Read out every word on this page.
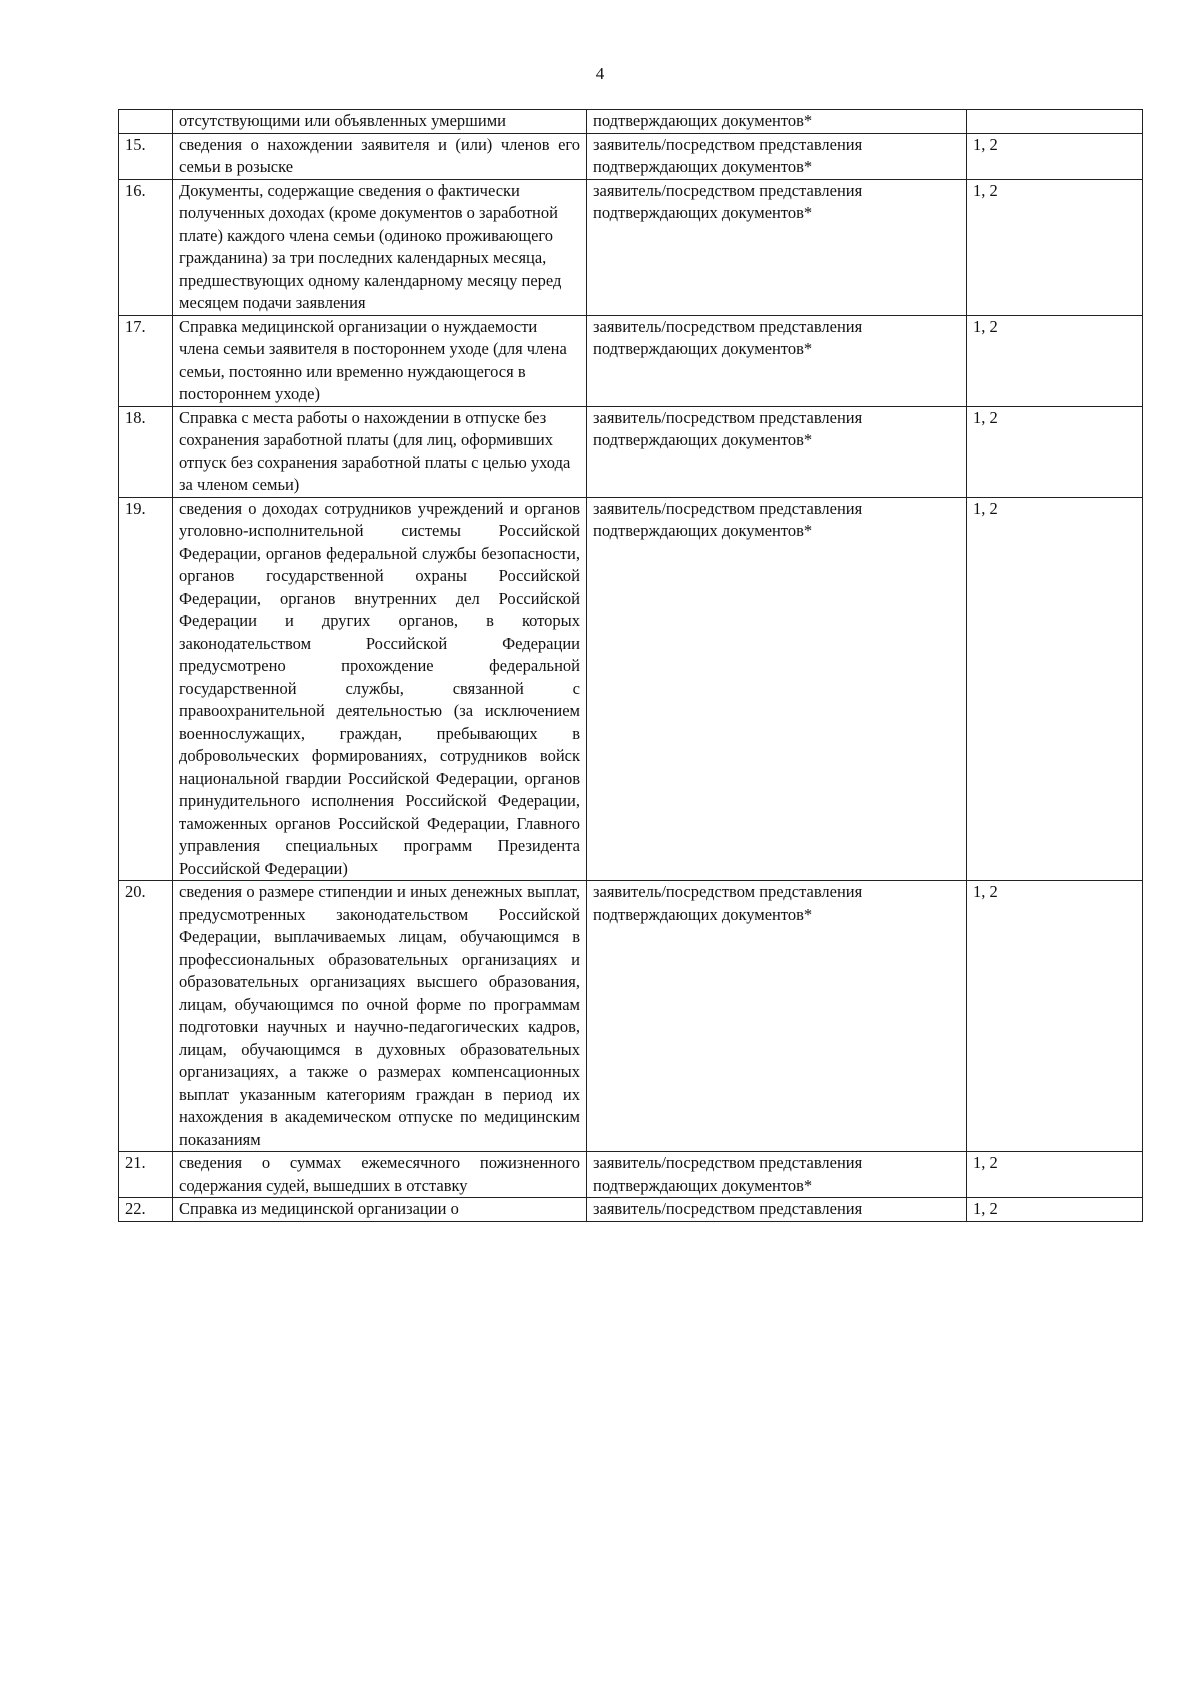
4
	отсутствующими или объявленных умершими	подтверждающих документов*	
15.	сведения о нахождении заявителя и (или) членов его семьи в розыске	заявитель/посредством представления подтверждающих документов*	1, 2
16.	Документы, содержащие сведения о фактически полученных доходах (кроме документов о заработной плате) каждого члена семьи (одиноко проживающего гражданина) за три последних календарных месяца, предшествующих одному календарному месяцу перед месяцем подачи заявления	заявитель/посредством представления подтверждающих документов*	1, 2
17.	Справка медицинской организации о нуждаемости члена семьи заявителя в постороннем уходе (для члена семьи, постоянно или временно нуждающегося в постороннем уходе)	заявитель/посредством представления подтверждающих документов*	1, 2
18.	Справка с места работы о нахождении в отпуске без сохранения заработной платы (для лиц, оформивших отпуск без сохранения заработной платы с целью ухода за членом семьи)	заявитель/посредством представления подтверждающих документов*	1, 2
19.	сведения о доходах сотрудников учреждений и органов уголовно-исполнительной системы Российской Федерации, органов федеральной службы безопасности, органов государственной охраны Российской Федерации, органов внутренних дел Российской Федерации и других органов, в которых законодательством Российской Федерации предусмотрено прохождение федеральной государственной службы, связанной с правоохранительной деятельностью (за исключением военнослужащих, граждан, пребывающих в добровольческих формированиях, сотрудников войск национальной гвардии Российской Федерации, органов принудительного исполнения Российской Федерации, таможенных органов Российской Федерации, Главного управления специальных программ Президента Российской Федерации)	заявитель/посредством представления подтверждающих документов*	1, 2
20.	сведения о размере стипендии и иных денежных выплат, предусмотренных законодательством Российской Федерации, выплачиваемых лицам, обучающимся в профессиональных образовательных организациях и образовательных организациях высшего образования, лицам, обучающимся по очной форме по программам подготовки научных и научно-педагогических кадров, лицам, обучающимся в духовных образовательных организациях, а также о размерах компенсационных выплат указанным категориям граждан в период их нахождения в академическом отпуске по медицинским показаниям	заявитель/посредством представления подтверждающих документов*	1, 2
21.	сведения о суммах ежемесячного пожизненного содержания судей, вышедших в отставку	заявитель/посредством представления подтверждающих документов*	1, 2
22.	Справка из медицинской организации о	заявитель/посредством представления	1, 2
